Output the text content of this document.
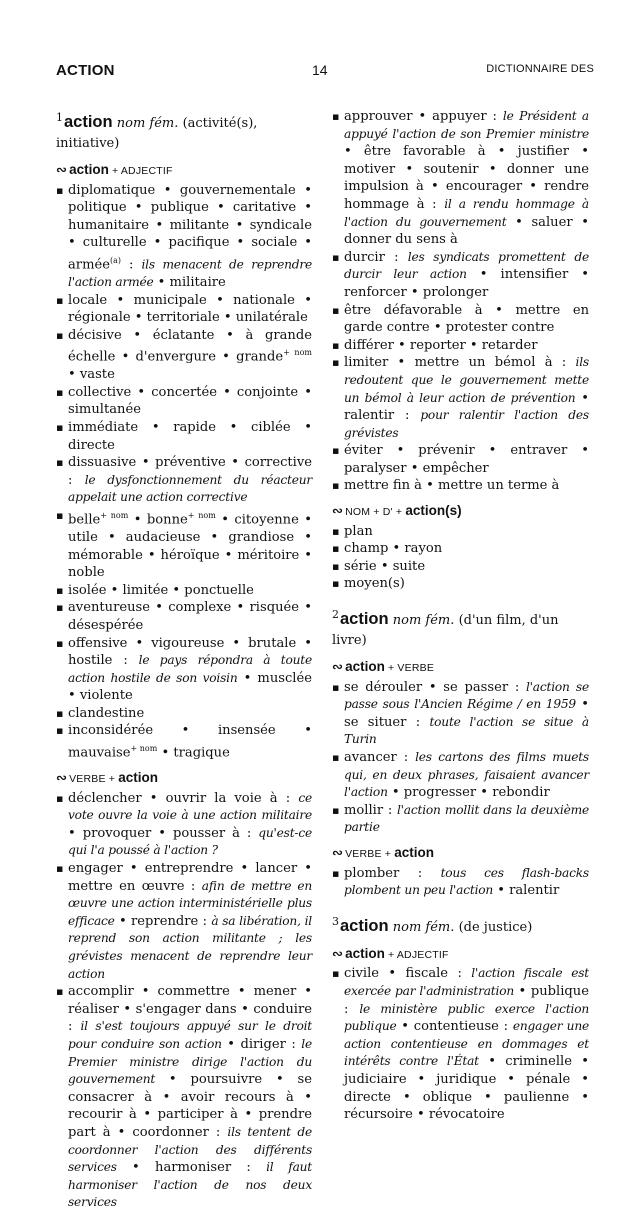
ACTION	14	DICTIONNAIRE DES
$^1$action nom fém. (activité(s), initiative)
∾ action + ADJECTIF
▪ diplomatique • gouvernementale • politique • publique • caritative • humanitaire • militante • syndicale • culturelle • pacifique • sociale • armée$^{(a)}$ : ils menacent de reprendre l'action armée • militaire
▪ locale • municipale • nationale • régionale • territoriale • unilatérale
▪ décisive • éclatante • à grande échelle • d'envergure • grande$^{+ nom}$ • vaste
▪ collective • concertée • conjointe • simultanée
▪ immédiate • rapide • ciblée • directe
▪ dissuasive • préventive • corrective : le dysfonctionnement du réacteur appelait une action corrective
▪ belle$^{+ nom}$ • bonne$^{+ nom}$ • citoyenne • utile • audacieuse • grandiose • mémorable • héroïque • méritoire • noble
▪ isolée • limitée • ponctuelle
▪ aventureuse • complexe • risquée • désespérée
▪ offensive • vigoureuse • brutale • hostile : le pays répondra à toute action hostile de son voisin • musclée • violente
▪ clandestine
▪ inconsidérée • insensée • mauvaise$^{+ nom}$ • tragique
∾ VERBE + action
▪ déclencher • ouvrir la voie à : ce vote ouvre la voie à une action militaire • provoquer • pousser à : qu'est-ce qui l'a poussé à l'action ?
▪ engager • entreprendre • lancer • mettre en œuvre : afin de mettre en œuvre une action interministérielle plus efficace • reprendre : à sa libération, il reprend son action militante ; les grévistes menacent de reprendre leur action
▪ accomplir • commettre • mener • réaliser • s'engager dans • conduire : il s'est toujours appuyé sur le droit pour conduire son action • diriger : le Premier ministre dirige l'action du gouvernement • poursuivre • se consacrer à • avoir recours à • recourir à • participer à • prendre part à • coordonner : ils tentent de coordonner l'action des différents services • harmoniser : il faut harmoniser l'action de nos deux services
▪ approuver • appuyer : le Président a appuyé l'action de son Premier ministre • être favorable à • justifier • motiver • soutenir • donner une impulsion à • encourager • rendre hommage à : il a rendu hommage à l'action du gouvernement • saluer • donner du sens à
▪ durcir : les syndicats promettent de durcir leur action • intensifier • renforcer • prolonger
▪ être défavorable à • mettre en garde contre • protester contre
▪ différer • reporter • retarder
▪ limiter • mettre un bémol à : ils redoutent que le gouvernement mette un bémol à leur action de prévention • ralentir : pour ralentir l'action des grévistes
▪ éviter • prévenir • entraver • paralyser • empêcher
▪ mettre fin à • mettre un terme à
∾ NOM + D' + action(s)
▪ plan
▪ champ • rayon
▪ série • suite
▪ moyen(s)
$^2$action nom fém. (d'un film, d'un livre)
∾ action + VERBE
▪ se dérouler • se passer : l'action se passe sous l'Ancien Régime / en 1959 • se situer : toute l'action se situe à Turin
▪ avancer : les cartons des films muets qui, en deux phrases, faisaient avancer l'action • progresser • rebondir
▪ mollir : l'action mollit dans la deuxième partie
∾ VERBE + action
▪ plomber : tous ces flash-backs plombent un peu l'action • ralentir
$^3$action nom fém. (de justice)
∾ action + ADJECTIF
▪ civile • fiscale : l'action fiscale est exercée par l'administration • publique : le ministère public exerce l'action publique • contentieuse : engager une action contentieuse en dommages et intérêts contre l'État • criminelle • judiciaire • juridique • pénale • directe • oblique • paulienne • récursoire • révocatoire
